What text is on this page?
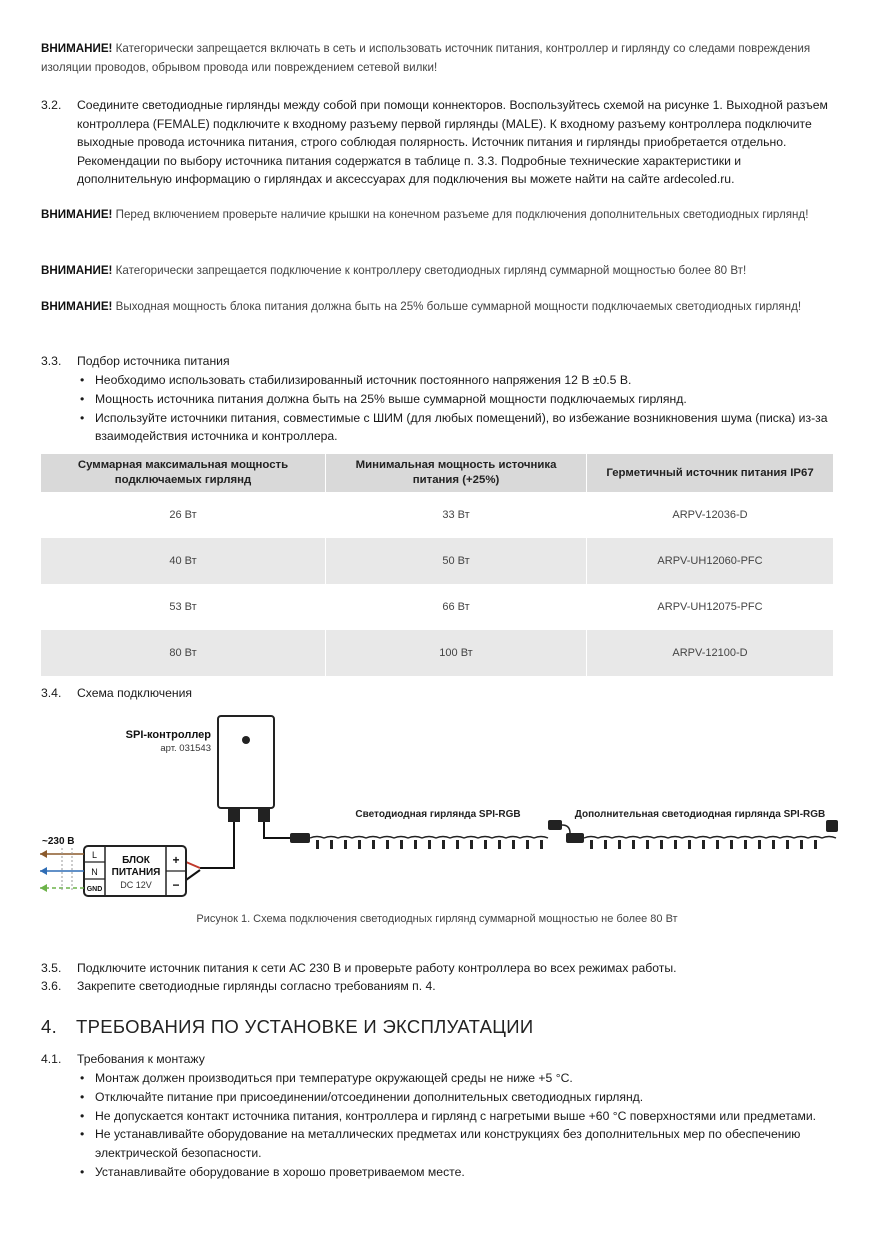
ВНИМАНИЕ! Категорически запрещается включать в сеть и использовать источник питания, контроллер и гирлянду со следами повреждения изоляции проводов, обрывом провода или повреждением сетевой вилки!
3.2. Соедините светодиодные гирлянды между собой при помощи коннекторов. Воспользуйтесь схемой на рисунке 1. Выходной разъем контроллера (FEMALE) подключите к входному разъему первой гирлянды (MALE). К входному разъему контроллера подключите выходные провода источника питания, строго соблюдая полярность. Источник питания и гирлянды приобретается отдельно. Рекомендации по выбору источника питания содержатся в таблице п. 3.3. Подробные технические характеристики и дополнительную информацию о гирляндах и аксессуарах для подключения вы можете найти на сайте ardecoled.ru.
ВНИМАНИЕ! Перед включением проверьте наличие крышки на конечном разъеме для подключения дополнительных светодиодных гирлянд!
ВНИМАНИЕ! Категорически запрещается подключение к контроллеру светодиодных гирлянд суммарной мощностью более 80 Вт!
ВНИМАНИЕ! Выходная мощность блока питания должна быть на 25% больше суммарной мощности подключаемых светодиодных гирлянд!
3.3. Подбор источника питания
• Необходимо использовать стабилизированный источник постоянного напряжения 12 В ±0.5 В.
• Мощность источника питания должна быть на 25% выше суммарной мощности подключаемых гирлянд.
• Используйте источники питания, совместимые с ШИМ (для любых помещений), во избежание возникновения шума (писка) из-за взаимодействия источника и контроллера.
Суммарная максимальная мощность подключаемых гирлянд	Минимальная мощность источника питания (+25%)	Герметичный источник питания IP67
26 Вт	33 Вт	ARPV-12036-D
40 Вт	50 Вт	ARPV-UH12060-PFC
53 Вт	66 Вт	ARPV-UH12075-PFC
80 Вт	100 Вт	ARPV-12100-D
3.4. Схема подключения
SPI-контроллер
арт. 031543
L
N
GND
БЛОК
ПИТАНИЯ
DC 12V
+
−
~230 В
Светодиодная гирлянда SPI-RGB	Дополнительная светодиодная гирлянда SPI-RGB
Рисунок 1. Схема подключения светодиодных гирлянд суммарной мощностью не более 80 Вт
3.5. Подключите источник питания к сети АС 230 В и проверьте работу контроллера во всех режимах работы.
3.6. Закрепите светодиодные гирлянды согласно требованиям п. 4.
4. ТРЕБОВАНИЯ ПО УСТАНОВКЕ И ЭКСПЛУАТАЦИИ
4.1. Требования к монтажу
• Монтаж должен производиться при температуре окружающей среды не ниже +5 °С.
• Отключайте питание при присоединении/отсоединении дополнительных светодиодных гирлянд.
• Не допускается контакт источника питания, контроллера и гирлянд с нагретыми выше +60 °С поверхностями или предметами.
• Не устанавливайте оборудование на металлических предметах или конструкциях без дополнительных мер по обеспечению электрической безопасности.
• Устанавливайте оборудование в хорошо проветриваемом месте.
